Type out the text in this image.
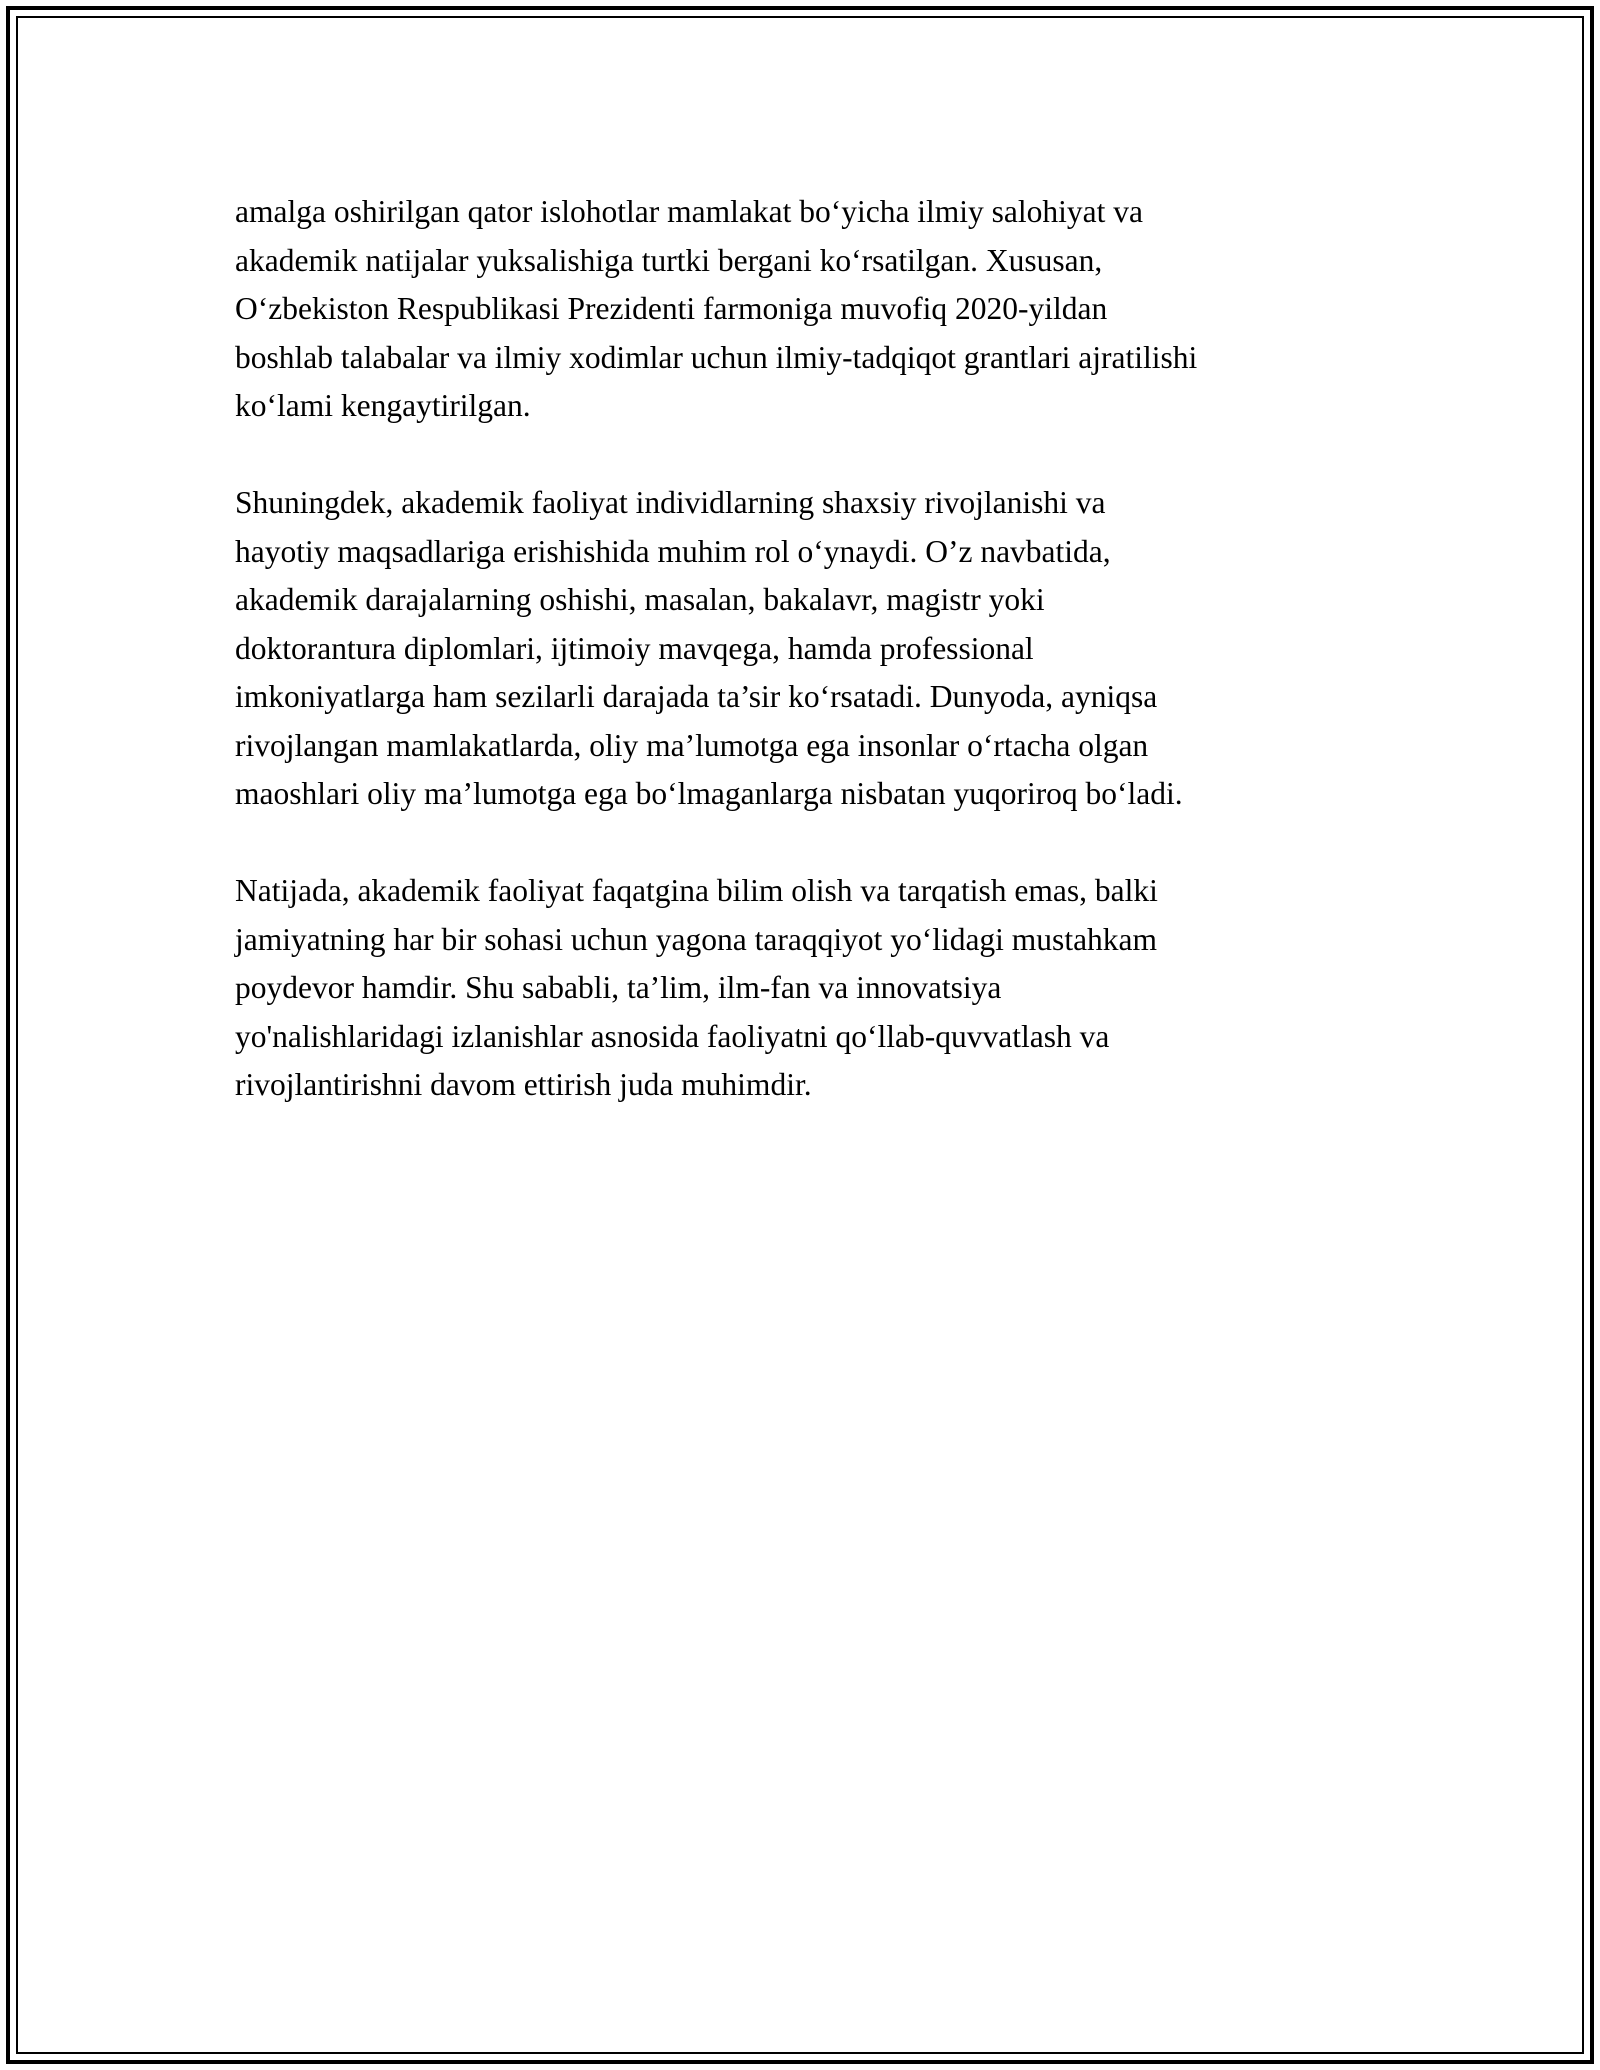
amalga oshirilgan qator islohotlar mamlakat bo‘yicha ilmiy salohiyat va
akademik natijalar yuksalishiga turtki bergani ko‘rsatilgan. Xususan,
O‘zbekiston Respublikasi Prezidenti farmoniga muvofiq 2020-yildan
boshlab talabalar va ilmiy xodimlar uchun ilmiy-tadqiqot grantlari ajratilishi
ko‘lami kengaytirilgan.

Shuningdek, akademik faoliyat individlarning shaxsiy rivojlanishi va
hayotiy maqsadlariga erishishida muhim rol o‘ynaydi. O’z navbatida,
akademik darajalarning oshishi, masalan, bakalavr, magistr yoki
doktorantura diplomlari, ijtimoiy mavqega, hamda professional
imkoniyatlarga ham sezilarli darajada ta’sir ko‘rsatadi. Dunyoda, ayniqsa
rivojlangan mamlakatlarda, oliy ma’lumotga ega insonlar o‘rtacha olgan
maoshlari oliy ma’lumotga ega bo‘lmaganlarga nisbatan yuqoriroq bo‘ladi.

Natijada, akademik faoliyat faqatgina bilim olish va tarqatish emas, balki
jamiyatning har bir sohasi uchun yagona taraqqiyot yo‘lidagi mustahkam
poydevor hamdir. Shu sababli, ta’lim, ilm-fan va innovatsiya
yo'nalishlaridagi izlanishlar asnosida faoliyatni qo‘llab-quvvatlash va
rivojlantirishni davom ettirish juda muhimdir.
